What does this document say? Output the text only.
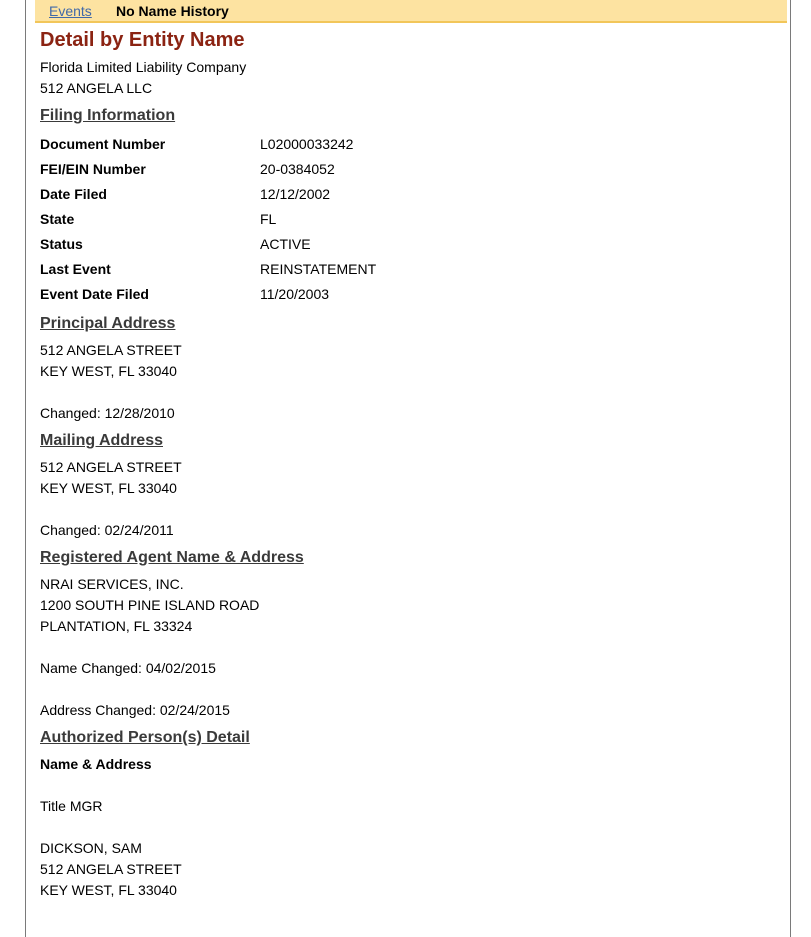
Events No Name History
Detail by Entity Name
Florida Limited Liability Company
512 ANGELA LLC
Filing Information
Document Number	L02000033242
FEI/EIN Number	20-0384052
Date Filed	12/12/2002
State	FL
Status	ACTIVE
Last Event	REINSTATEMENT
Event Date Filed	11/20/2003
Principal Address
512 ANGELA STREET
KEY WEST, FL 33040
Changed: 12/28/2010
Mailing Address
512 ANGELA STREET
KEY WEST, FL 33040
Changed: 02/24/2011
Registered Agent Name & Address
NRAI SERVICES, INC.
1200 SOUTH PINE ISLAND ROAD
PLANTATION, FL 33324
Name Changed: 04/02/2015
Address Changed: 02/24/2015
Authorized Person(s) Detail
Name & Address
Title MGR
DICKSON, SAM
512 ANGELA STREET
KEY WEST, FL 33040
